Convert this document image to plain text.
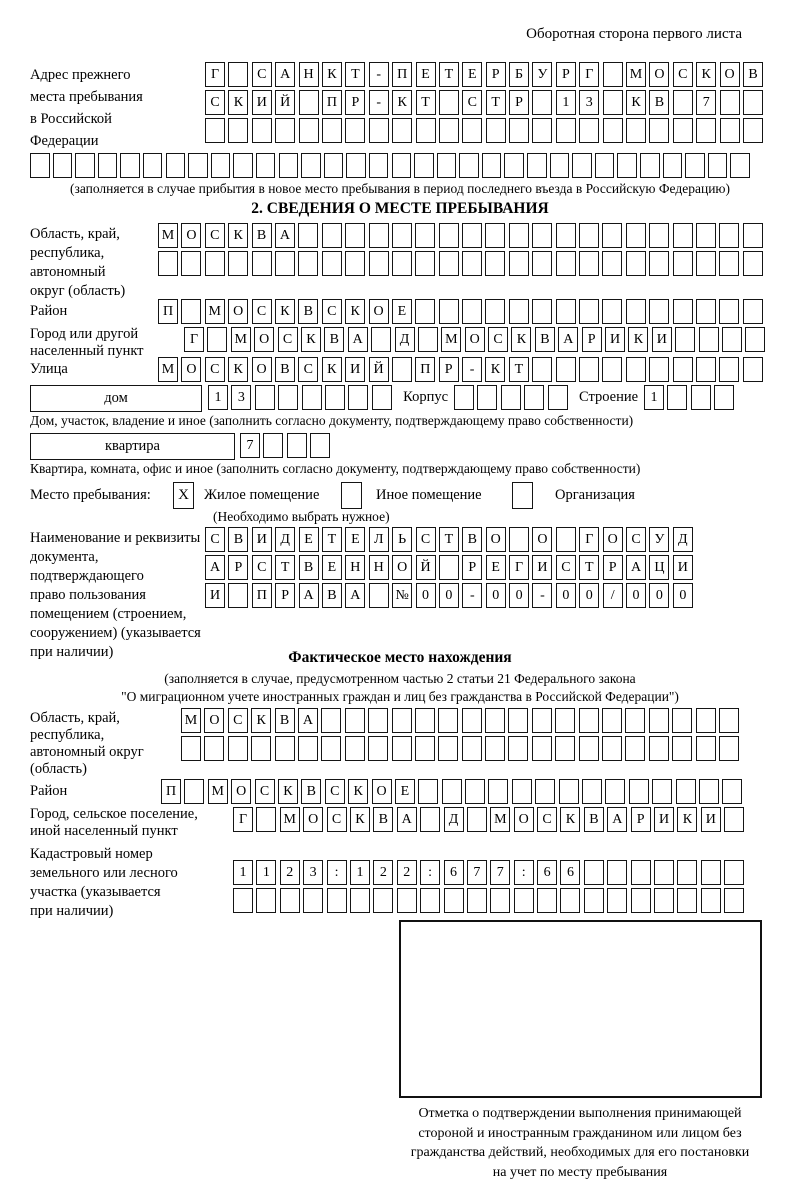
Оборотная сторона первого листа
Адрес прежнего
места пребывания
в Российской
Федерации
Г	С А Н К	Т	-	П	Е	Т	Е	Р	Б	У	Р	Г	М О С	К О В
С	К И Й	П	Р	-	К	Т	С	Т	Р	1	3	К	В	7
(заполняется в случае прибытия в новое место пребывания в период последнего въезда в Российскую Федерацию)
2. СВЕДЕНИЯ О МЕСТЕ ПРЕБЫВАНИЯ
Область, край,
республика,
автономный
округ (область)
М О С	К	В А
Район	П	М О С	К	В	С	К О	Е
Город или другой
населенный пункт
Г	М О С	К	В А	Д	М О С	К	В А	Р	И К И
Улица	М О С	К О В	С	К И Й	П	Р	-	К	Т
дом	1	3	Корпус	Строение 1
Дом, участок, владение и иное (заполнить согласно документу, подтверждающему право собственности)
квартира	7
Квартира, комната, офис и иное (заполнить согласно документу, подтверждающему право собственности)
Место пребывания:	X	Жилое помещение	Иное помещение	Организация
(Необходимо выбрать нужное)
Наименование и реквизиты
документа, подтверждающего
право пользования
помещением (строением,
сооружением) (указывается
при наличии)
С	В И Д	Е	Т	Е	Л	Ь	С	Т	В О	О	Г	О С У Д
А	Р	С	Т	В	Е	Н Н О Й	Р	Е	Г	И С	Т	Р	А Ц И
И	П	Р	А В А	№ 0	0	-	0	0	-	0	0	/	0	0	0
Фактическое место нахождения
(заполняется в случае, предусмотренном частью 2 статьи 21 Федерального закона
"О миграционном учете иностранных граждан и лиц без гражданства в Российской Федерации")
Область, край,
республика,
автономный округ
(область)
М О С	К	В А
Район	П	М О С	К	В	С	К О	Е
Город, сельское поселение,
иной населенный пункт
Г	М О С	К	В А	Д	М О С	К	В А	Р	И К И
Кадастровый номер
земельного или лесного
участка (указывается
при наличии)
1	1	2	3	:	1	2	2	:	6	7	7	:	6	6
Отметка о подтверждении выполнения принимающей
стороной и иностранным гражданином или лицом без
гражданства действий, необходимых для его постановки
на учет по месту пребывания
